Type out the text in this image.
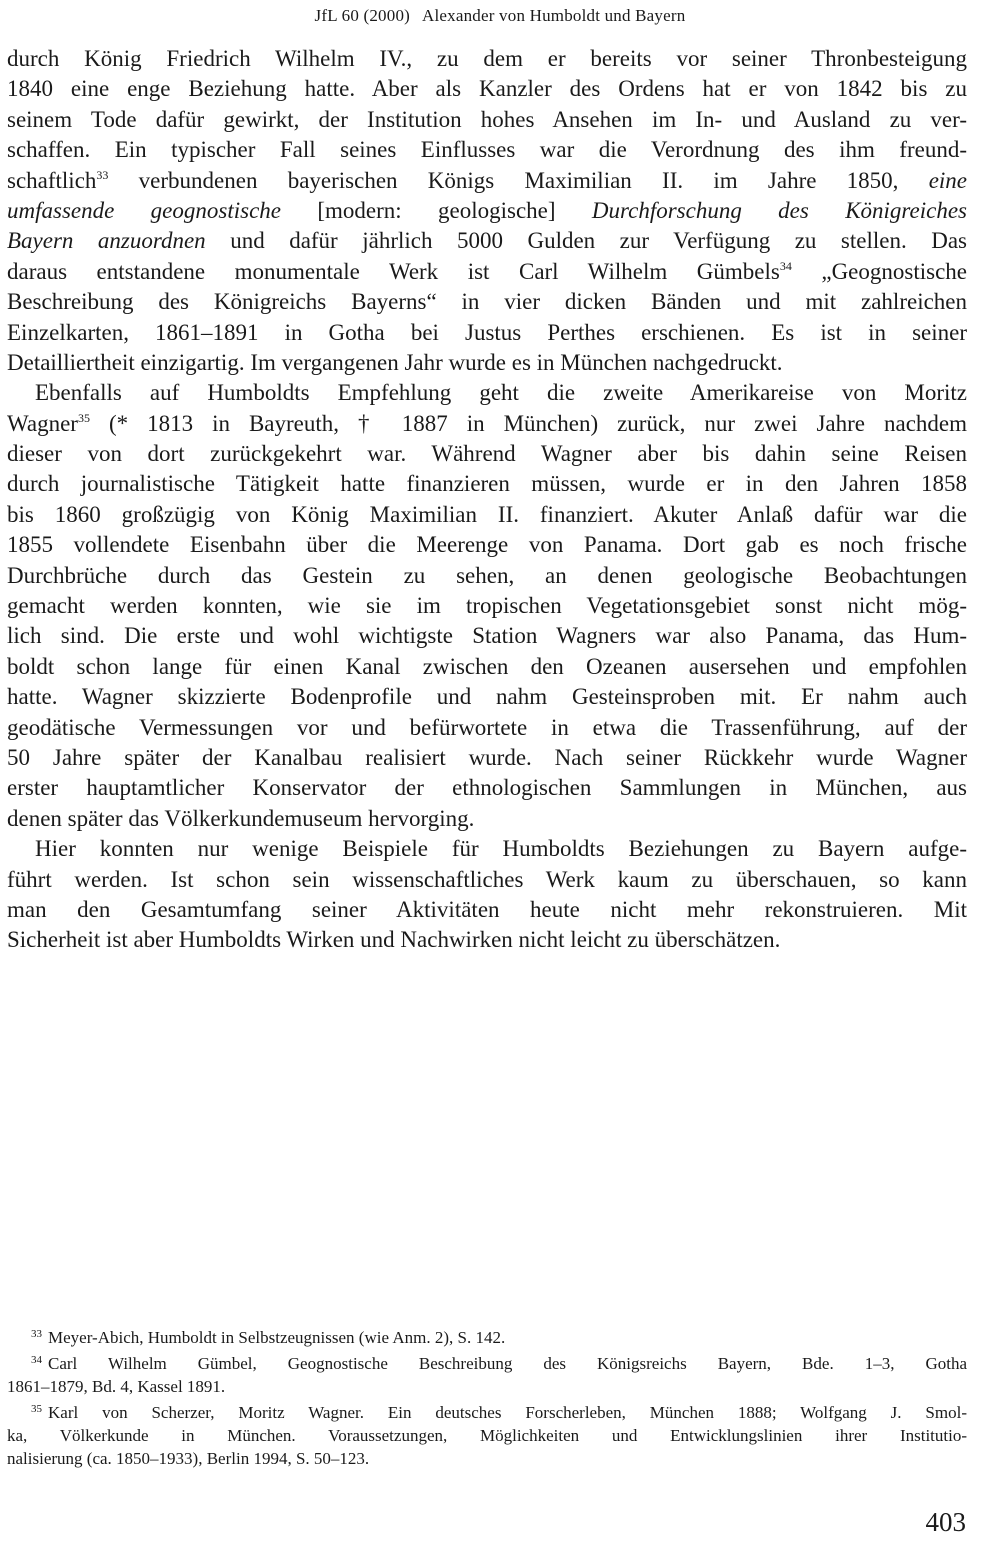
JfL 60 (2000) Alexander von Humboldt und Bayern
durch König Friedrich Wilhelm IV., zu dem er bereits vor seiner Thronbesteigung
1840 eine enge Beziehung hatte. Aber als Kanzler des Ordens hat er von 1842 bis zu
seinem Tode dafür gewirkt, der Institution hohes Ansehen im In- und Ausland zu ver-
schaffen. Ein typischer Fall seines Einflusses war die Verordnung des ihm freund-
schaftlich$^{33}$ verbundenen bayerischen Königs Maximilian II. im Jahre 1850, eine
umfassende geognostische [modern: geologische] Durchforschung des Königreiches
Bayern anzuordnen und dafür jährlich 5000 Gulden zur Verfügung zu stellen. Das
daraus entstandene monumentale Werk ist Carl Wilhelm Gümbels$^{34}$ „Geognostische
Beschreibung des Königreichs Bayerns“ in vier dicken Bänden und mit zahlreichen
Einzelkarten, 1861–1891 in Gotha bei Justus Perthes erschienen. Es ist in seiner
Detailliertheit einzigartig. Im vergangenen Jahr wurde es in München nachgedruckt.
Ebenfalls auf Humboldts Empfehlung geht die zweite Amerikareise von Moritz
Wagner$^{35}$ (* 1813 in Bayreuth, † 1887 in München) zurück, nur zwei Jahre nachdem
dieser von dort zurückgekehrt war. Während Wagner aber bis dahin seine Reisen
durch journalistische Tätigkeit hatte finanzieren müssen, wurde er in den Jahren 1858
bis 1860 großzügig von König Maximilian II. finanziert. Akuter Anlaß dafür war die
1855 vollendete Eisenbahn über die Meerenge von Panama. Dort gab es noch frische
Durchbrüche durch das Gestein zu sehen, an denen geologische Beobachtungen
gemacht werden konnten, wie sie im tropischen Vegetationsgebiet sonst nicht mög-
lich sind. Die erste und wohl wichtigste Station Wagners war also Panama, das Hum-
boldt schon lange für einen Kanal zwischen den Ozeanen ausersehen und empfohlen
hatte. Wagner skizzierte Bodenprofile und nahm Gesteinsproben mit. Er nahm auch
geodätische Vermessungen vor und befürwortete in etwa die Trassenführung, auf der
50 Jahre später der Kanalbau realisiert wurde. Nach seiner Rückkehr wurde Wagner
erster hauptamtlicher Konservator der ethnologischen Sammlungen in München, aus
denen später das Völkerkundemuseum hervorging.
Hier konnten nur wenige Beispiele für Humboldts Beziehungen zu Bayern aufge-
führt werden. Ist schon sein wissenschaftliches Werk kaum zu überschauen, so kann
man den Gesamtumfang seiner Aktivitäten heute nicht mehr rekonstruieren. Mit
Sicherheit ist aber Humboldts Wirken und Nachwirken nicht leicht zu überschätzen.
$^{33}$ Meyer-Abich, Humboldt in Selbstzeugnissen (wie Anm. 2), S. 142.
$^{34}$ Carl Wilhelm Gümbel, Geognostische Beschreibung des Königsreichs Bayern, Bde. 1–3, Gotha
1861–1879, Bd. 4, Kassel 1891.
$^{35}$ Karl von Scherzer, Moritz Wagner. Ein deutsches Forscherleben, München 1888; Wolfgang J. Smol-
ka, Völkerkunde in München. Voraussetzungen, Möglichkeiten und Entwicklungslinien ihrer Institutio-
nalisierung (ca. 1850–1933), Berlin 1994, S. 50–123.
403
